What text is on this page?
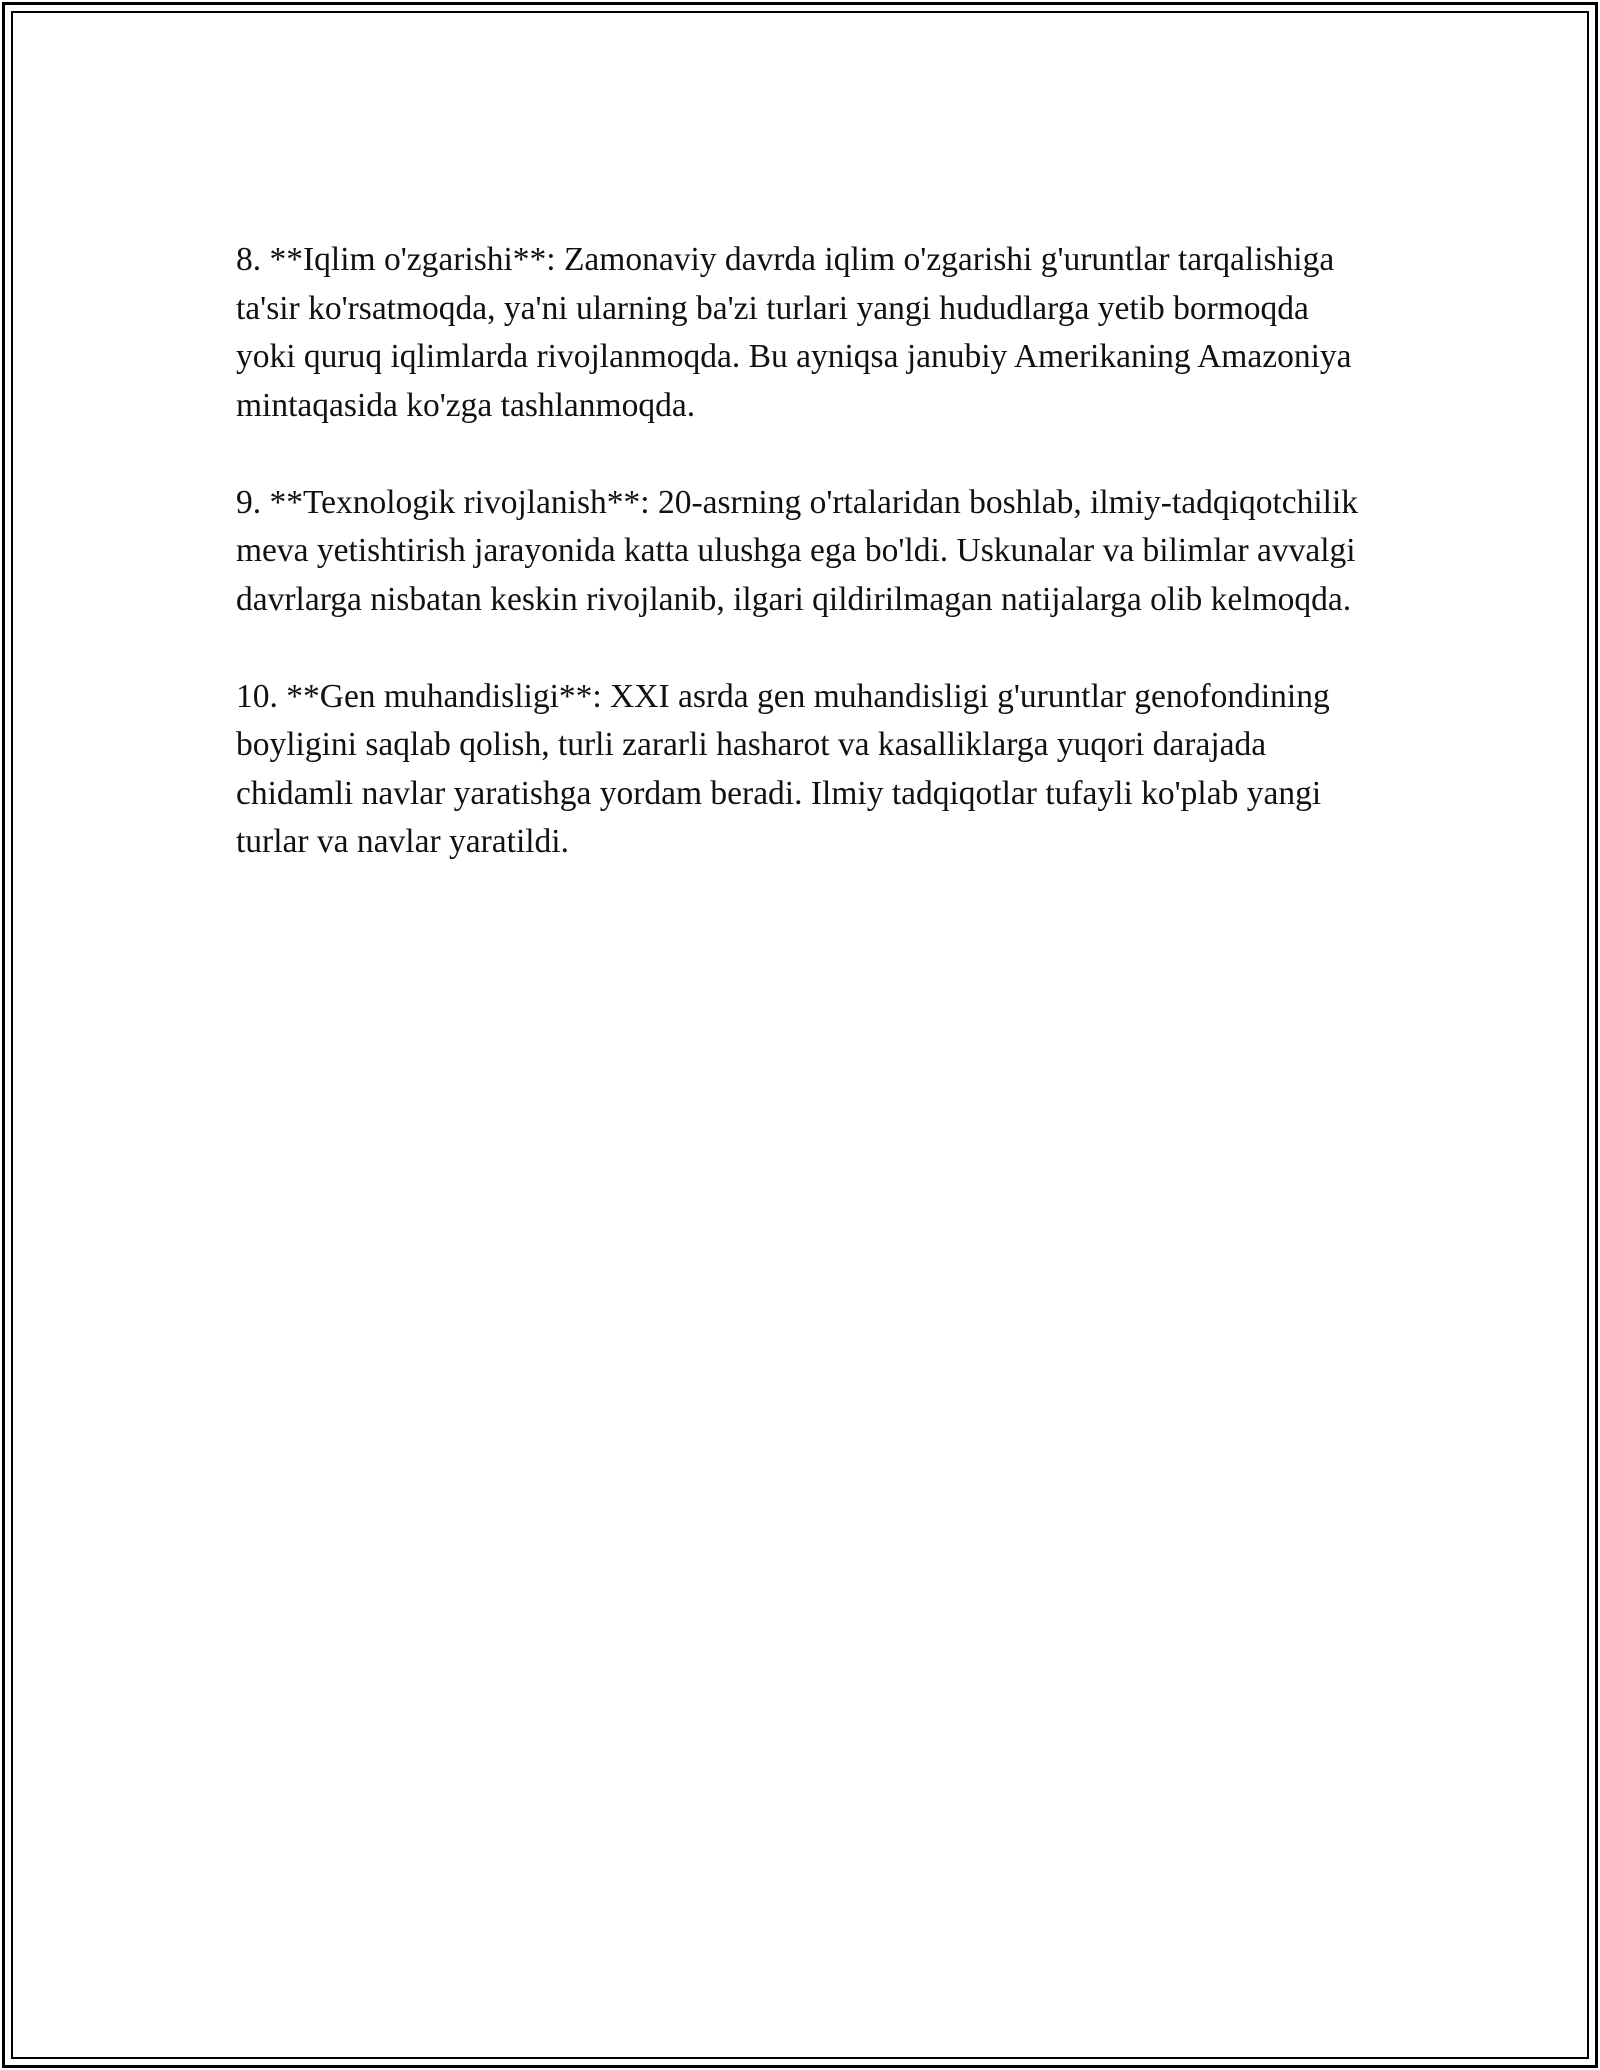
8. **Iqlim o'zgarishi**: Zamonaviy davrda iqlim o'zgarishi g'uruntlar tarqalishiga ta'sir ko'rsatmoqda, ya'ni ularning ba'zi turlari yangi hududlarga yetib bormoqda yoki quruq iqlimlarda rivojlanmoqda. Bu ayniqsa janubiy Amerikaning Amazoniya mintaqasida ko'zga tashlanmoqda.

9. **Texnologik rivojlanish**: 20-asrning o'rtalaridan boshlab, ilmiy-tadqiqotchilik meva yetishtirish jarayonida katta ulushga ega bo'ldi. Uskunalar va bilimlar avvalgi davrlarga nisbatan keskin rivojlanib, ilgari qildirilmagan natijalarga olib kelmoqda.

10. **Gen muhandisligi**: XXI asrda gen muhandisligi g'uruntlar genofondining boyligini saqlab qolish, turli zararli hasharot va kasalliklarga yuqori darajada chidamli navlar yaratishga yordam beradi. Ilmiy tadqiqotlar tufayli ko'plab yangi turlar va navlar yaratildi.
